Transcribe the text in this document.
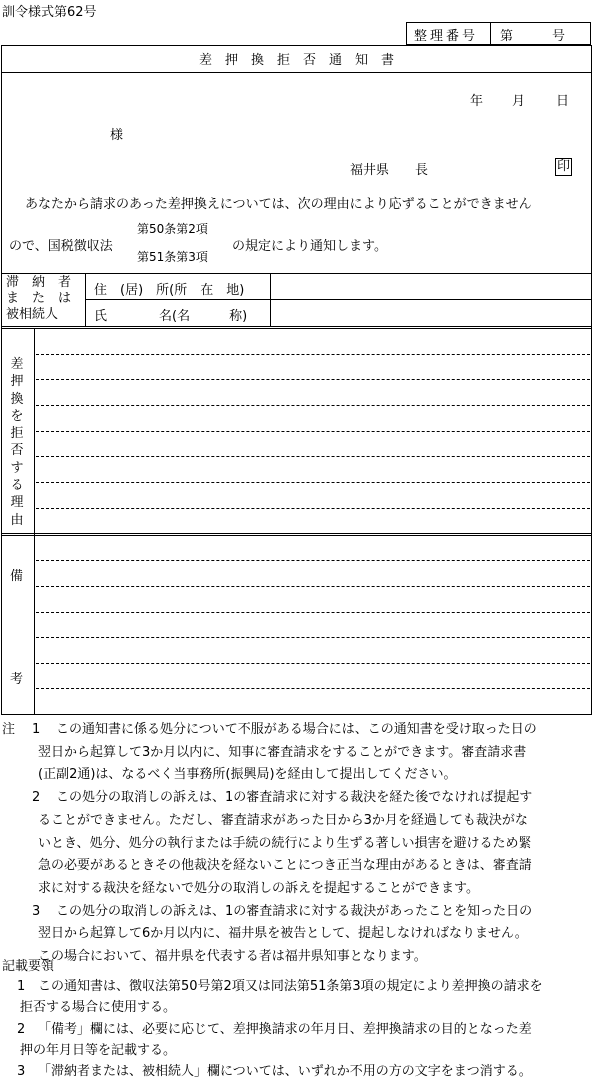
訓令様式第62号
整理番号 第　　　号
差　押　換　拒　否　通　知　書
年 月 日
様
福井県　　長	印
あなたから請求のあった差押換えについては、次の理由により応ずることができません
ので、国税徴収法
第50条第2項
第51条第3項
の規定により通知します。
滞　納　者
ま　た　は
被相続人
住　(居)　所(所　在　地)
氏　　　　名(名　　　称)
差
押
換
を
拒
否
す
る
理
由
備
考
注 1 この通知書に係る処分について不服がある場合には、この通知書を受け取った日の
翌日から起算して3か月以内に、知事に審査請求をすることができます。審査請求書
(正副2通)は、なるべく当事務所(振興局)を経由して提出してください。
2 この処分の取消しの訴えは、1の審査請求に対する裁決を経た後でなければ提起す
ることができません。ただし、審査請求があった日から3か月を経過しても裁決がな
いとき、処分、処分の執行または手続の続行により生ずる著しい損害を避けるため緊
急の必要があるときその他裁決を経ないことにつき正当な理由があるときは、審査請
求に対する裁決を経ないで処分の取消しの訴えを提起することができます。
3 この処分の取消しの訴えは、1の審査請求に対する裁決があったことを知った日の
翌日から起算して6か月以内に、福井県を被告として、提起しなければなりません。
この場合において、福井県を代表する者は福井県知事となります。
記載要領
1 この通知書は、徴収法第50号第2項又は同法第51条第3項の規定により差押換の請求を
拒否する場合に使用する。
2 「備考」欄には、必要に応じて、差押換請求の年月日、差押換請求の目的となった差
押の年月日等を記載する。
3 「滞納者または、被相続人」欄については、いずれか不用の方の文字をまつ消する。
